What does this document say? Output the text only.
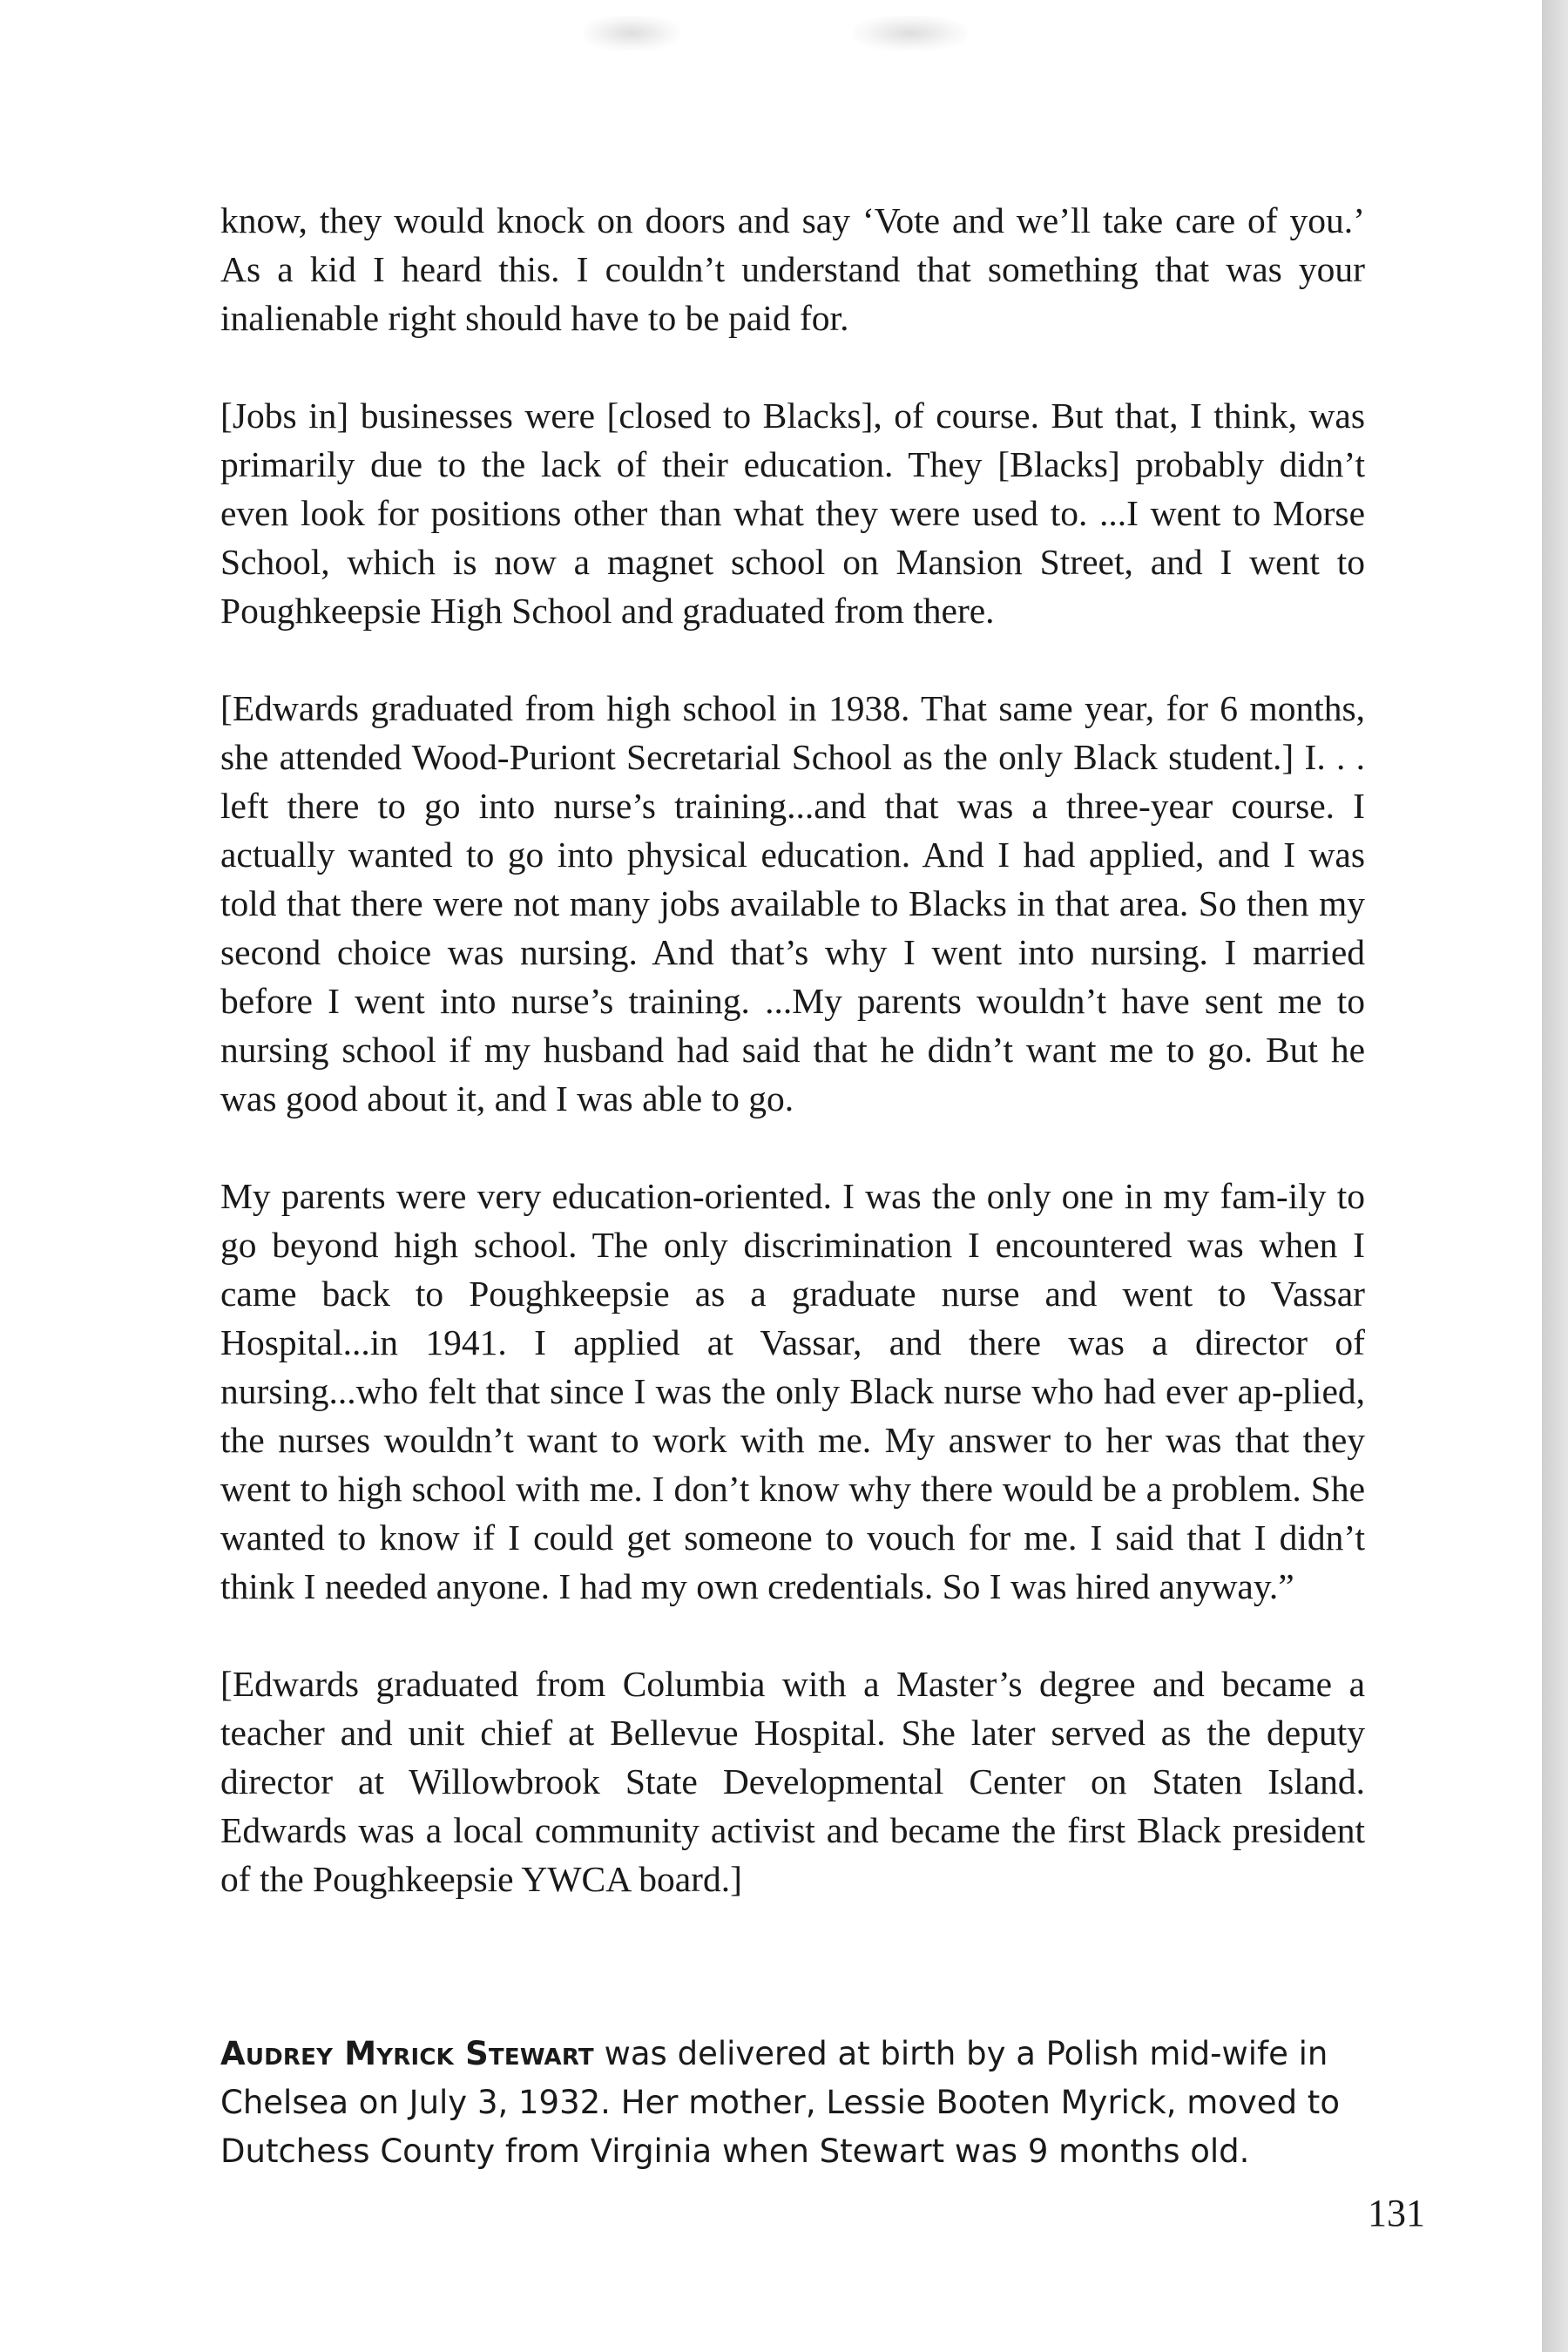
know, they would knock on doors and say ‘Vote and we’ll take care of you.’ As a kid I heard this. I couldn’t understand that something that was your inalienable right should have to be paid for.

[Jobs in] businesses were [closed to Blacks], of course. But that, I think, was primarily due to the lack of their education. They [Blacks] probably didn’t even look for positions other than what they were used to. ...I went to Morse School, which is now a magnet school on Mansion Street, and I went to Poughkeepsie High School and graduated from there.

[Edwards graduated from high school in 1938. That same year, for 6 months, she attended Wood-Puriont Secretarial School as the only Black student.] I. . . left there to go into nurse’s training...and that was a three-year course. I actually wanted to go into physical education. And I had applied, and I was told that there were not many jobs available to Blacks in that area. So then my second choice was nursing. And that’s why I went into nursing. I married before I went into nurse’s training. ...My parents wouldn’t have sent me to nursing school if my husband had said that he didn’t want me to go. But he was good about it, and I was able to go.

My parents were very education-oriented. I was the only one in my fam-ily to go beyond high school. The only discrimination I encountered was when I came back to Poughkeepsie as a graduate nurse and went to Vassar Hospital...in 1941. I applied at Vassar, and there was a director of nursing...who felt that since I was the only Black nurse who had ever ap-plied, the nurses wouldn’t want to work with me. My answer to her was that they went to high school with me. I don’t know why there would be a problem. She wanted to know if I could get someone to vouch for me. I said that I didn’t think I needed anyone. I had my own credentials. So I was hired anyway.”

[Edwards graduated from Columbia with a Master’s degree and became a teacher and unit chief at Bellevue Hospital. She later served as the deputy director at Willowbrook State Developmental Center on Staten Island. Edwards was a local community activist and became the first Black president of the Poughkeepsie YWCA board.]

Audrey Myrick Stewart was delivered at birth by a Polish mid-wife in Chelsea on July 3, 1932. Her mother, Lessie Booten Myrick, moved to Dutchess County from Virginia when Stewart was 9 months old.

131
